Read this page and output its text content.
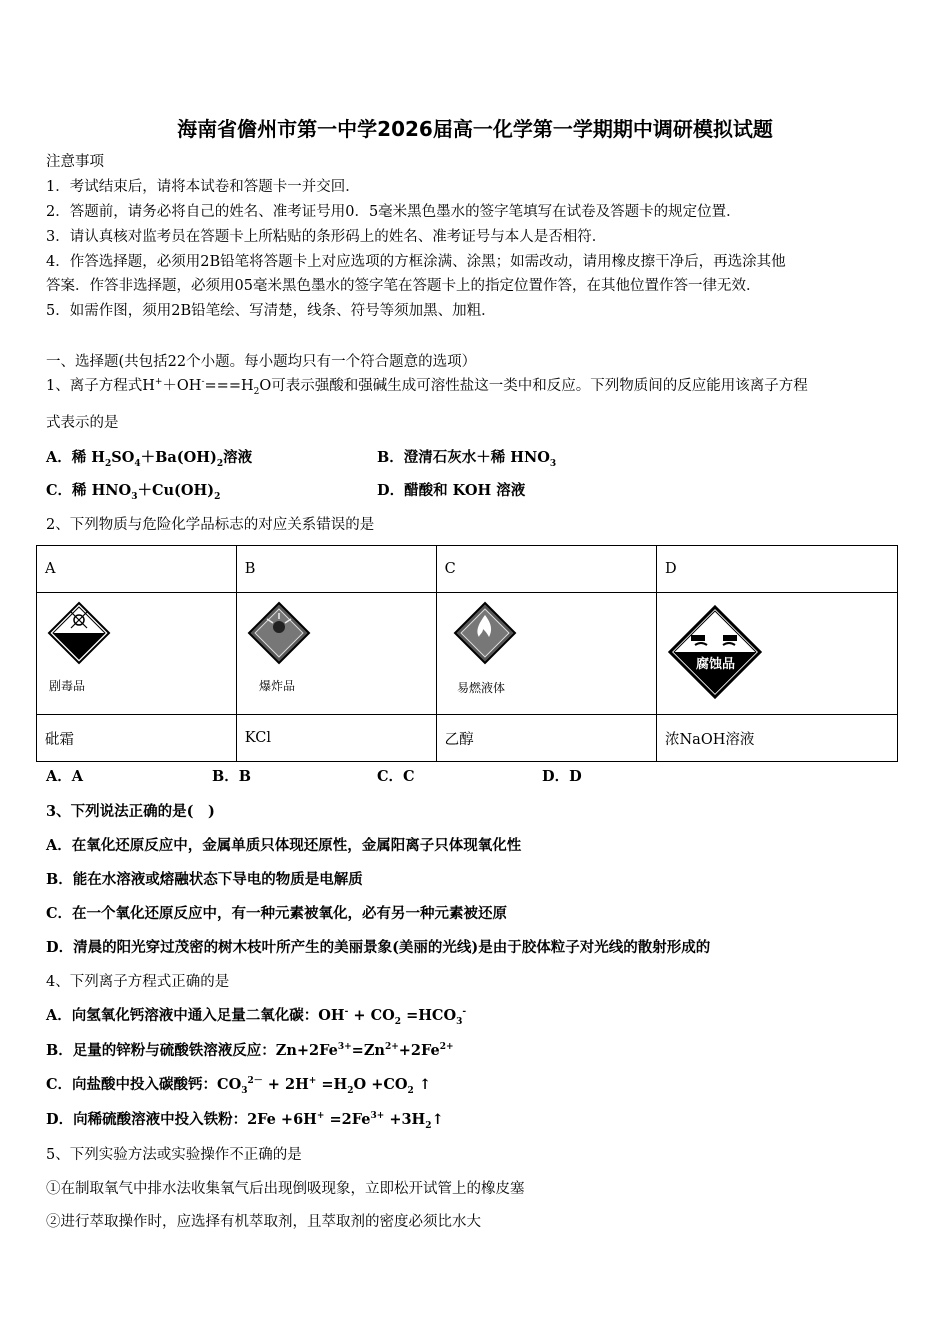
海南省儋州市第一中学2026届高一化学第一学期期中调研模拟试题
注意事项
1．考试结束后，请将本试卷和答题卡一并交回．
2．答题前，请务必将自己的姓名、准考证号用0．5毫米黑色墨水的签字笔填写在试卷及答题卡的规定位置．
3．请认真核对监考员在答题卡上所粘贴的条形码上的姓名、准考证号与本人是否相符．
4．作答选择题，必须用2B铅笔将答题卡上对应选项的方框涂满、涂黑；如需改动，请用橡皮擦干净后，再选涂其他
答案．作答非选择题，必须用05毫米黑色墨水的签字笔在答题卡上的指定位置作答，在其他位置作答一律无效．
5．如需作图，须用2B铅笔绘、写清楚，线条、符号等须加黑、加粗．
一、选择题(共包括22个小题。每小题均只有一个符合题意的选项）
1、离子方程式$H^++OH^-===H_2O$可表示强酸和强碱生成可溶性盐这一类中和反应。下列物质间的反应能用该离子方程
式表示的是
A．稀 $H_2SO_4+Ba(OH)_2$溶液	B．澄清石灰水＋稀 $HNO_3$
C．稀 $HNO_3+Cu(OH)_2$	D．醋酸和 KOH 溶液
2、下列物质与危险化学品标志的对应关系错误的是
A	B	C	D

剧毒品	爆炸品	易燃液体	腐蚀品

砒霜	KCl	乙醇	浓NaOH溶液
A．A	B．B	C．C	D．D
3、下列说法正确的是(　)
A．在氧化还原反应中，金属单质只体现还原性，金属阳离子只体现氧化性
B．能在水溶液或熔融状态下导电的物质是电解质
C．在一个氧化还原反应中，有一种元素被氧化，必有另一种元素被还原
D．清晨的阳光穿过茂密的树木枝叶所产生的美丽景象(美丽的光线)是由于胶体粒子对光线的散射形成的
4、下列离子方程式正确的是
A．向氢氧化钙溶液中通入足量二氧化碳：$OH^- + CO_2 =HCO_3^-$
B．足量的锌粉与硫酸铁溶液反应：$Zn+2Fe^{3+}=Zn^{2+}+2Fe^{2+}$
C．向盐酸中投入碳酸钙：$CO_3^{2-} + 2H^+ =H_2O +CO_2$ ↑
D．向稀硫酸溶液中投入铁粉：$2Fe +6H^+ =2Fe^{3+}$ $+3H_2↑$
5、下列实验方法或实验操作不正确的是
①在制取氧气中排水法收集氧气后出现倒吸现象，立即松开试管上的橡皮塞
②进行萃取操作时，应选择有机萃取剂，且萃取剂的密度必须比水大
